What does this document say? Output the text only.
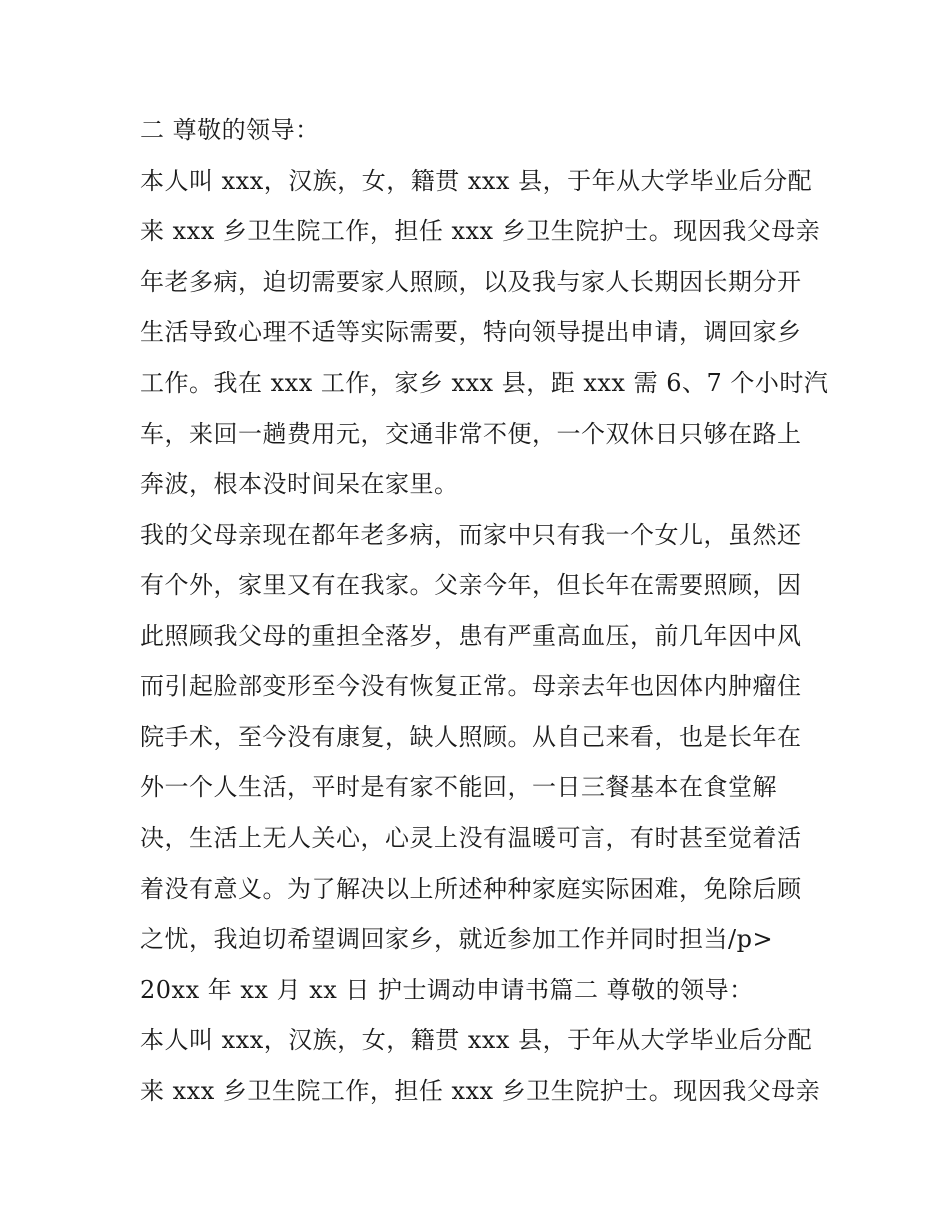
二 尊敬的领导：
本人叫 xxx，汉族，女，籍贯 xxx 县，于年从大学毕业后分配
来 xxx 乡卫生院工作，担任 xxx 乡卫生院护士。现因我父母亲
年老多病，迫切需要家人照顾，以及我与家人长期因长期分开
生活导致心理不适等实际需要，特向领导提出申请，调回家乡
工作。我在 xxx 工作，家乡 xxx 县，距 xxx 需 6、7 个小时汽
车，来回一趟费用元，交通非常不便，一个双休日只够在路上
奔波，根本没时间呆在家里。
我的父母亲现在都年老多病，而家中只有我一个女儿，虽然还
有个外，家里又有在我家。父亲今年，但长年在需要照顾，因
此照顾我父母的重担全落岁，患有严重高血压，前几年因中风
而引起脸部变形至今没有恢复正常。母亲去年也因体内肿瘤住
院手术，至今没有康复，缺人照顾。从自己来看，也是长年在
外一个人生活，平时是有家不能回，一日三餐基本在食堂解
决，生活上无人关心，心灵上没有温暖可言，有时甚至觉着活
着没有意义。为了解决以上所述种种家庭实际困难，免除后顾
之忧，我迫切希望调回家乡，就近参加工作并同时担当/p>
20xx 年 xx 月 xx 日 护士调动申请书篇二 尊敬的领导：
本人叫 xxx，汉族，女，籍贯 xxx 县，于年从大学毕业后分配
来 xxx 乡卫生院工作，担任 xxx 乡卫生院护士。现因我父母亲
